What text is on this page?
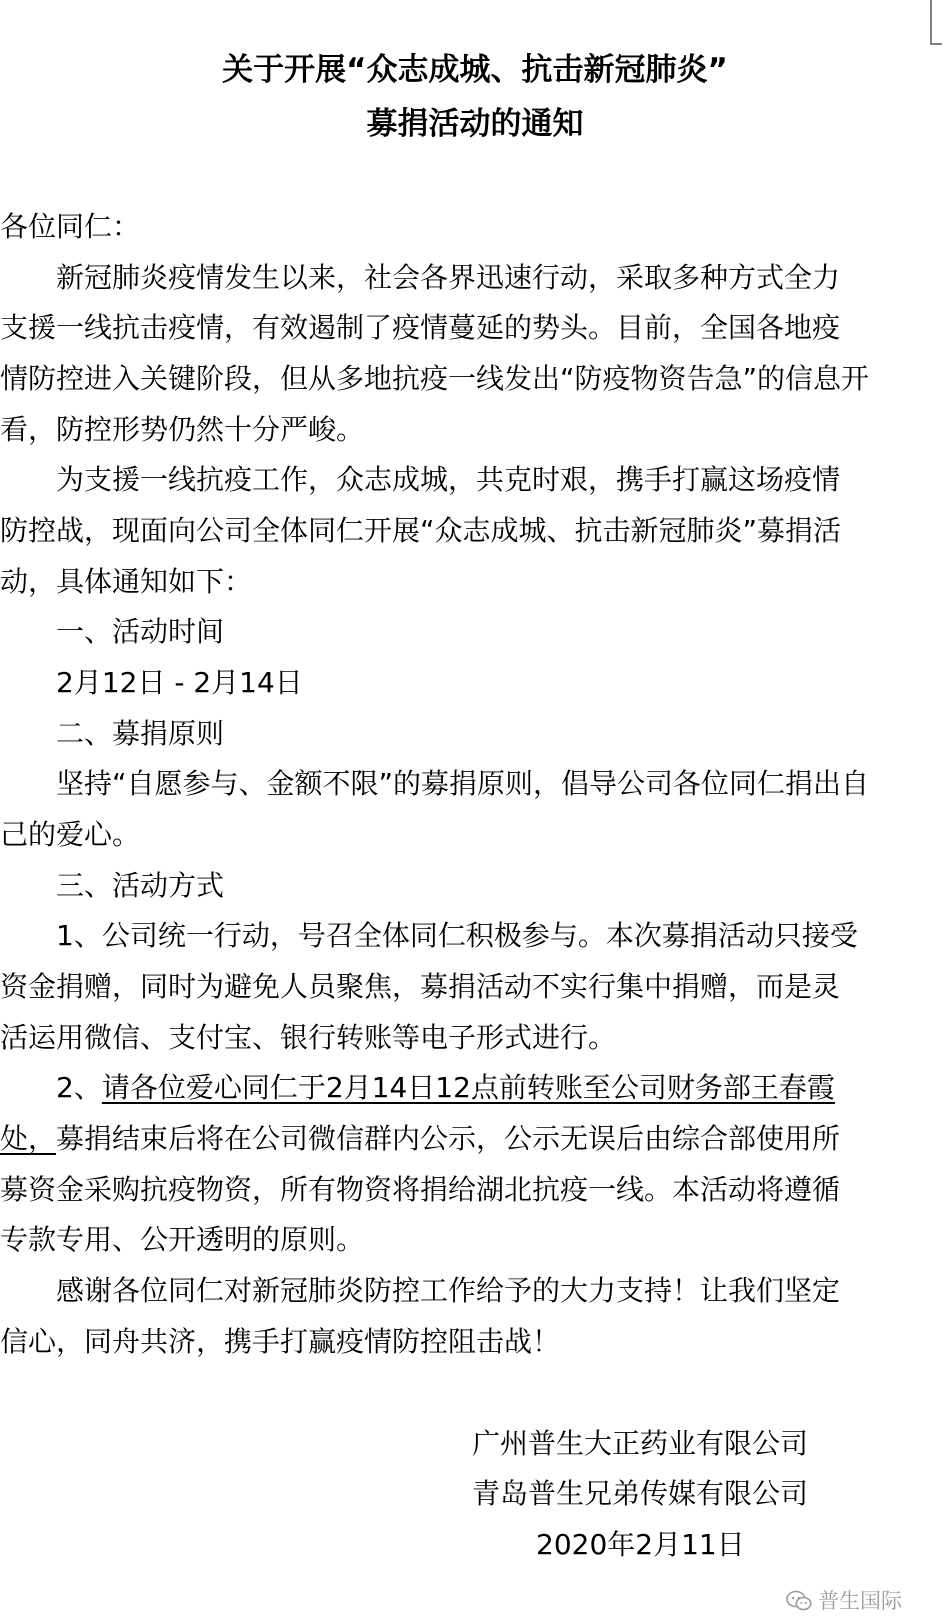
关于开展“众志成城、抗击新冠肺炎”
募捐活动的通知
各位同仁：
　　新冠肺炎疫情发生以来，社会各界迅速行动，采取多种方式全力
支援一线抗击疫情，有效遏制了疫情蔓延的势头。目前，全国各地疫
情防控进入关键阶段，但从多地抗疫一线发出“防疫物资告急”的信息开
看，防控形势仍然十分严峻。
　　为支援一线抗疫工作，众志成城，共克时艰，携手打赢这场疫情
防控战，现面向公司全体同仁开展“众志成城、抗击新冠肺炎”募捐活
动，具体通知如下：
　　一、活动时间
　　2月12日 - 2月14日
　　二、募捐原则
　　坚持“自愿参与、金额不限”的募捐原则，倡导公司各位同仁捐出自
己的爱心。
　　三、活动方式
　　1、公司统一行动，号召全体同仁积极参与。本次募捐活动只接受
资金捐赠，同时为避免人员聚焦，募捐活动不实行集中捐赠，而是灵
活运用微信、支付宝、银行转账等电子形式进行。
　　2、请各位爱心同仁于2月14日12点前转账至公司财务部王春霞
处，募捐结束后将在公司微信群内公示，公示无误后由综合部使用所
募资金采购抗疫物资，所有物资将捐给湖北抗疫一线。本活动将遵循
专款专用、公开透明的原则。
　　感谢各位同仁对新冠肺炎防控工作给予的大力支持！让我们坚定
信心，同舟共济，携手打赢疫情防控阻击战！
广州普生大正药业有限公司
青岛普生兄弟传媒有限公司
2020年2月11日
普生国际
